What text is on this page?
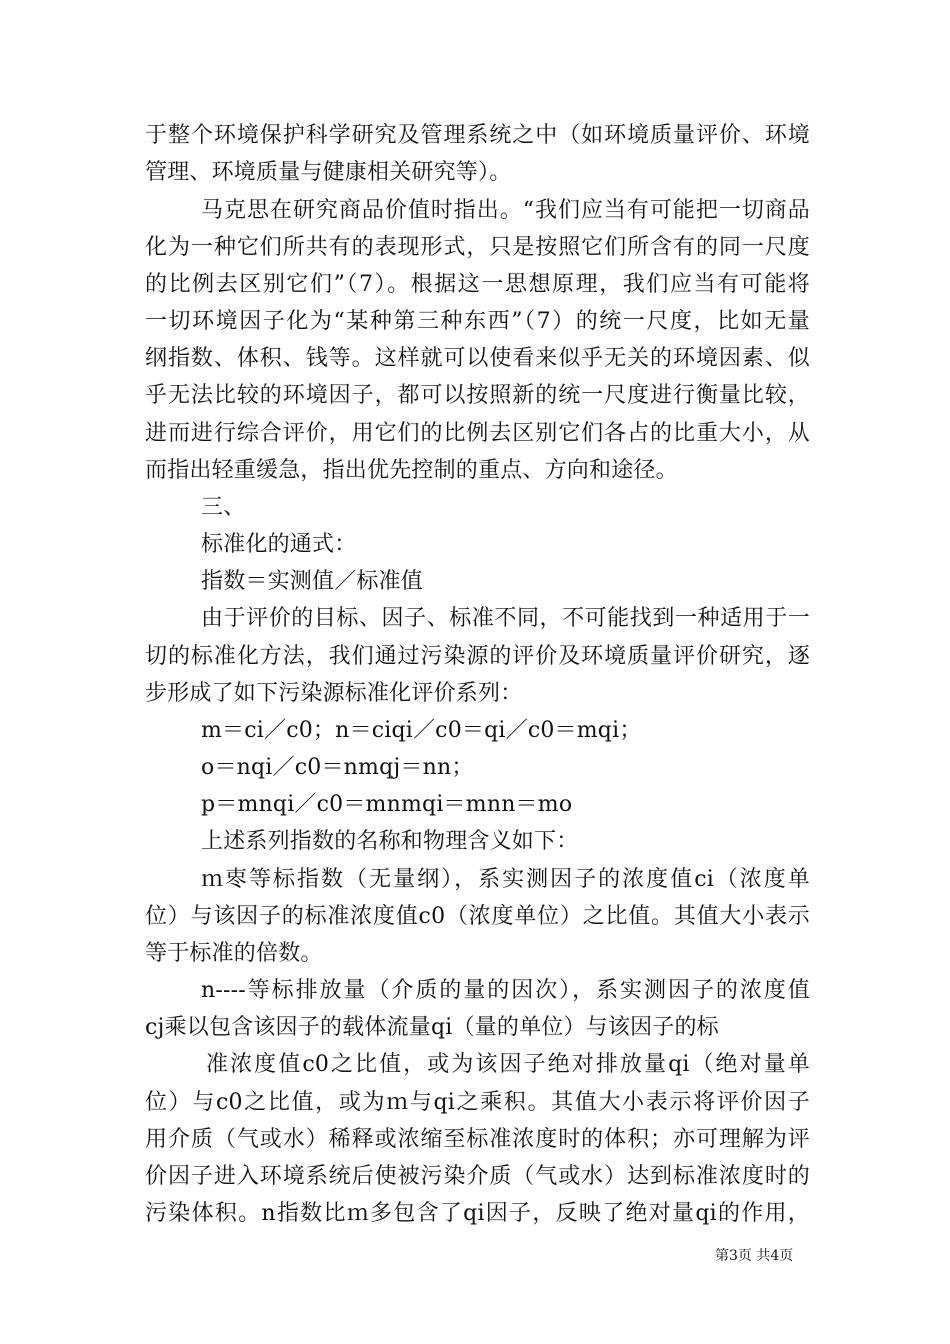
于整个环境保护科学研究及管理系统之中（如环境质量评价、环境
管理、环境质量与健康相关研究等）。
马克思在研究商品价值时指出。“我们应当有可能把一切商品
化为一种它们所共有的表现形式，只是按照它们所含有的同一尺度
的比例去区别它们”（7）。根据这一思想原理，我们应当有可能将
一切环境因子化为“某种第三种东西”（7）的统一尺度，比如无量
纲指数、体积、钱等。这样就可以使看来似乎无关的环境因素、似
乎无法比较的环境因子，都可以按照新的统一尺度进行衡量比较，
进而进行综合评价，用它们的比例去区别它们各占的比重大小，从
而指出轻重缓急，指出优先控制的重点、方向和途径。
三、
标准化的通式：
指数＝实测值／标准值
由于评价的目标、因子、标准不同，不可能找到一种适用于一
切的标准化方法，我们通过污染源的评价及环境质量评价研究，逐
步形成了如下污染源标准化评价系列：
m＝ci／c0；n＝ciqi／c0＝qi／c0＝mqi；
o＝nqi／c0＝nmqj＝nn；
p＝mnqi／c0＝mnmqi＝mnn＝mo
上述系列指数的名称和物理含义如下：
ｍ栆等标指数（无量纲），系实测因子的浓度值ci（浓度单
位）与该因子的标准浓度值c0（浓度单位）之比值。其值大小表示
等于标准的倍数。
n----等标排放量（介质的量的因次），系实测因子的浓度值
cj乘以包含该因子的载体流量qi（量的单位）与该因子的标
准浓度值c0之比值，或为该因子绝对排放量qi（绝对量单
位）与c0之比值，或为ｍ与qi之乘积。其值大小表示将评价因子
用介质（气或水）稀释或浓缩至标准浓度时的体积；亦可理解为评
价因子进入环境系统后使被污染介质（气或水）达到标准浓度时的
污染体积。n指数比ｍ多包含了qi因子，反映了绝对量qi的作用，
第3页 共4页
